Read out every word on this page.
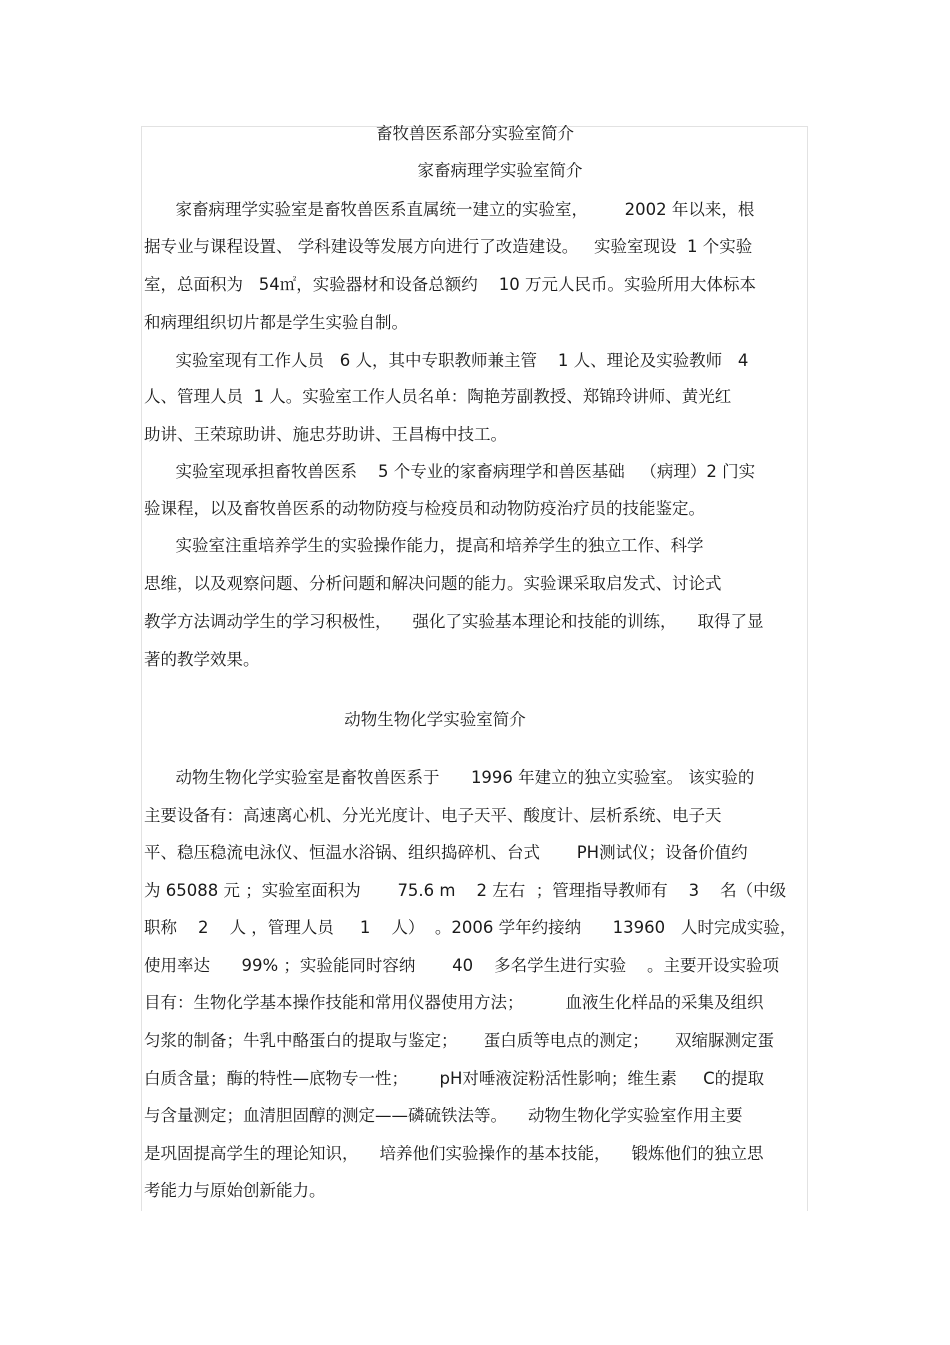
畜牧兽医系部分实验室简介
家畜病理学实验室简介
家畜病理学实验室是畜牧兽医系直属统一建立的实验室，       2002 年以来，根
据专业与课程设置、 学科建设等发展方向进行了改造建设。   实验室现设  1 个实验
室，总面积为   54㎡，实验器材和设备总额约    10 万元人民币。实验所用大体标本
和病理组织切片都是学生实验自制。
实验室现有工作人员   6 人，其中专职教师兼主管    1 人、理论及实验教师   4
人、管理人员  1 人。实验室工作人员名单：陶艳芳副教授、郑锦玲讲师、黄光红
助讲、王荣琼助讲、施忠芬助讲、王昌梅中技工。
实验室现承担畜牧兽医系    5 个专业的家畜病理学和兽医基础   （病理）2 门实
验课程，以及畜牧兽医系的动物防疫与检疫员和动物防疫治疗员的技能鉴定。
实验室注重培养学生的实验操作能力，提高和培养学生的独立工作、科学
思维，以及观察问题、分析问题和解决问题的能力。实验课采取启发式、讨论式
教学方法调动学生的学习积极性，    强化了实验基本理论和技能的训练，    取得了显
著的教学效果。
动物生物化学实验室简介
动物生物化学实验室是畜牧兽医系于      1996 年建立的独立实验室。 该实验的
主要设备有：高速离心机、分光光度计、电子天平、酸度计、层析系统、电子天
平、稳压稳流电泳仪、恒温水浴锅、组织捣碎机、台式       PH测试仪；设备价值约
为 65088 元 ；实验室面积为       75.6 m    2 左右  ；管理指导教师有    3    名（中级
职称    2    人 ，管理人员     1    人）  。2006 学年约接纳      13960   人时完成实验，
使用率达      99% ；实验能同时容纳       40    多名学生进行实验    。主要开设实验项
目有：生物化学基本操作技能和常用仪器使用方法；        血液生化样品的采集及组织
匀浆的制备；牛乳中酪蛋白的提取与鉴定；     蛋白质等电点的测定；     双缩脲测定蛋
白质含量；酶的特性—底物专一性；      pH对唾液淀粉活性影响；维生素     C的提取
与含量测定；血清胆固醇的测定——磷硫铁法等。    动物生物化学实验室作用主要
是巩固提高学生的理论知识，    培养他们实验操作的基本技能，    锻炼他们的独立思
考能力与原始创新能力。
